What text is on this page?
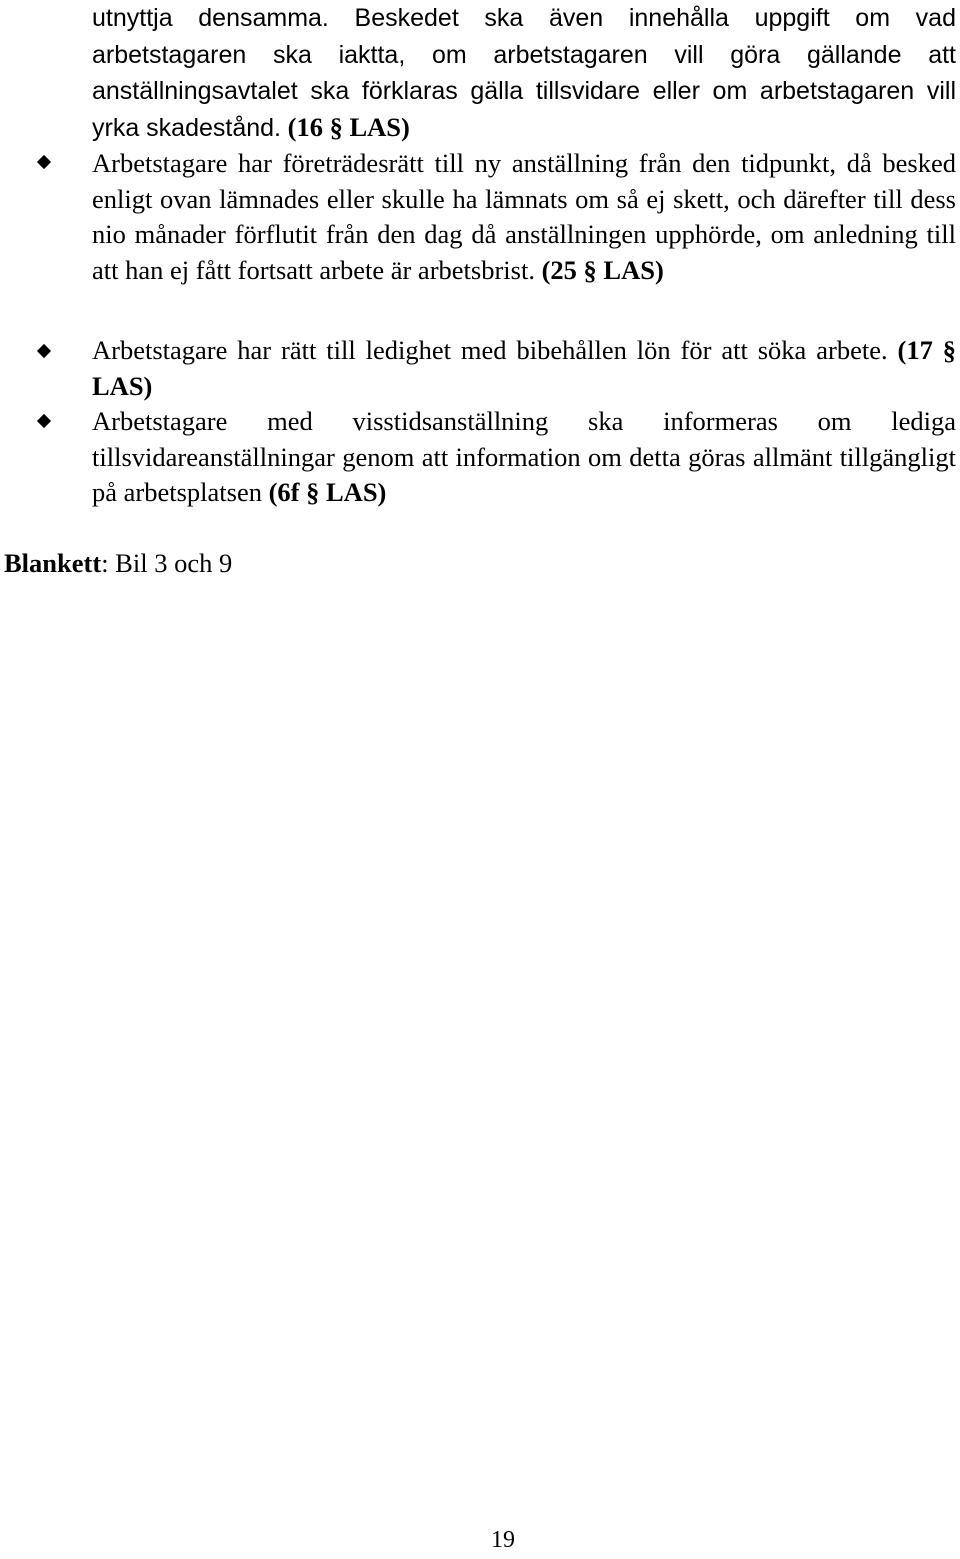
utnyttja densamma. Beskedet ska även innehålla uppgift om vad arbetstagaren ska iaktta, om arbetstagaren vill göra gällande att anställningsavtalet ska förklaras gälla tillsvidare eller om arbetstagaren vill yrka skadestånd. (16 § LAS)
Arbetstagare har företrädesrätt till ny anställning från den tidpunkt, då besked enligt ovan lämnades eller skulle ha lämnats om så ej skett, och därefter till dess nio månader förflutit från den dag då anställningen upphörde, om anledning till att han ej fått fortsatt arbete är arbetsbrist. (25 § LAS)
Arbetstagare har rätt till ledighet med bibehållen lön för att söka arbete. (17 § LAS)
Arbetstagare med visstidsanställning ska informeras om lediga tillsvidareanställningar genom att information om detta göras allmänt tillgängligt på arbetsplatsen (6f § LAS)
Blankett: Bil 3 och 9
19
